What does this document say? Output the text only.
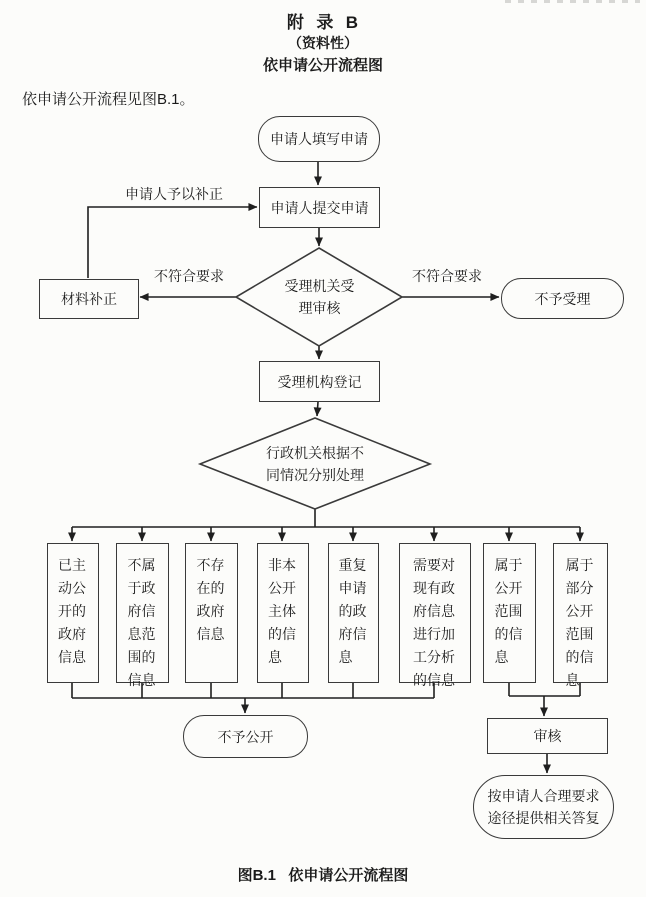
附  录  B
（资料性）
依申请公开流程图
依申请公开流程见图B.1。
申请人填写申请
申请人提交申请
材料补正	不予受理
受理机关受理审核
受理机构登记
行政机关根据不同情况分别处理
申请人予以补正
不符合要求	不符合要求
已主动公开的政府信息
不属于政府信息范围的信息
不存在的政府信息
非本公开主体的信息
重复申请的政府信息
需要对现有政府信息进行加工分析的信息
属于公开范围的信息
属于部分公开范围的信息
不予公开	审核
按申请人合理要求途径提供相关答复
图B.1   依申请公开流程图
